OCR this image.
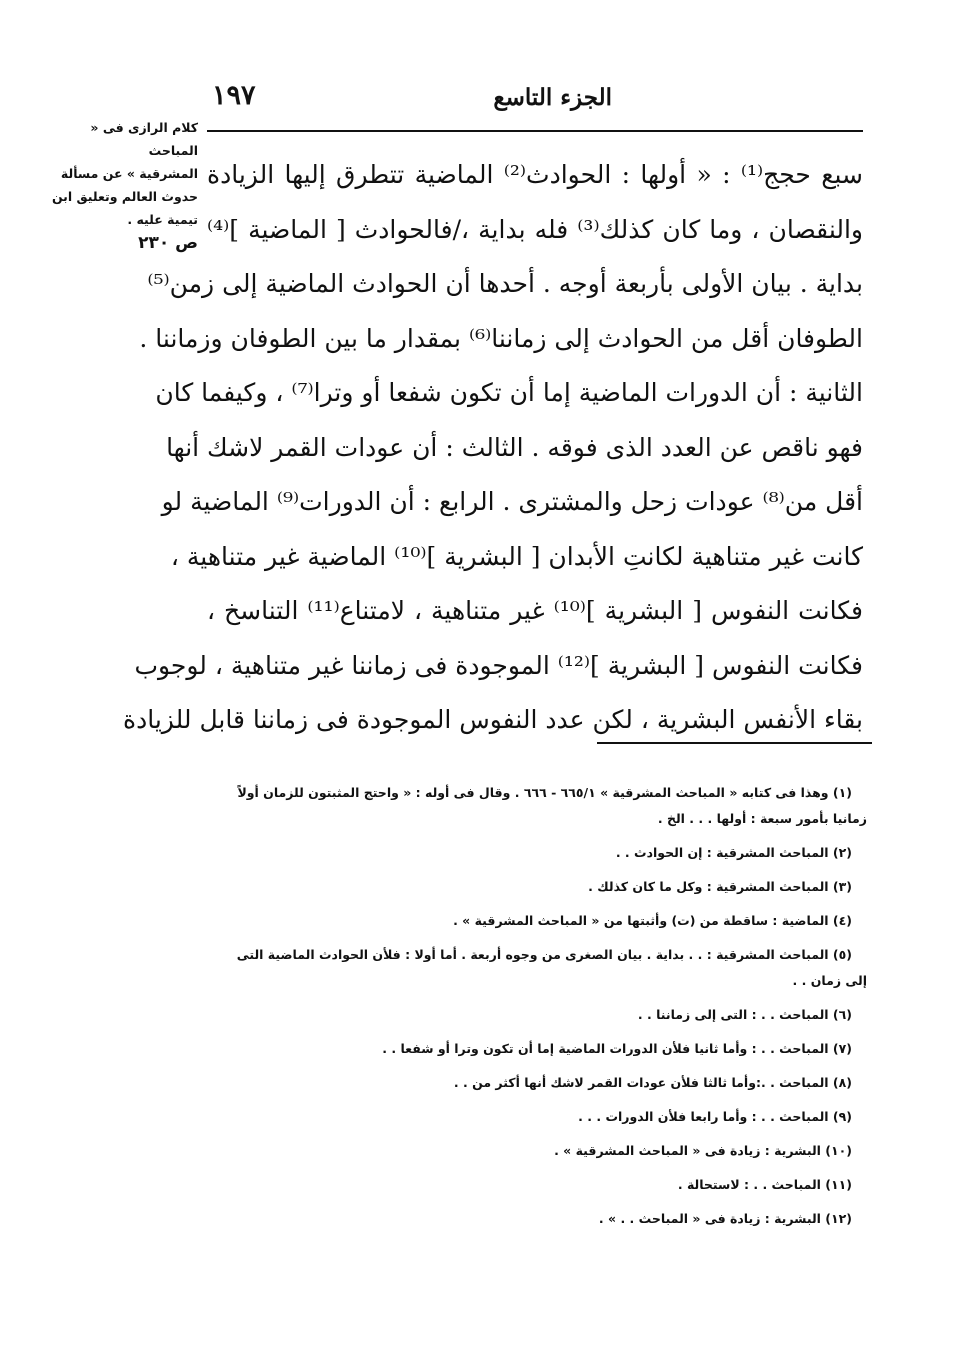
كلام الرازى فى « المباحث
المشرقية » عن مسألة
حدوث العالم وتعليق ابن
تيمية عليه .
ص ٢٣٠
الجزء التاسع
١٩٧
سبع حجج⁽¹⁾ : « أولها : الحوادث⁽²⁾ الماضية تتطرق إليها الزيادة
والنقصان ، وما كان كذلك⁽³⁾ فله بداية ،/فالحوادث [ الماضية ]⁽⁴⁾
بداية . بيان الأولى بأربعة أوجه . أحدها أن الحوادث الماضية إلى زمن⁽⁵⁾
الطوفان أقل من الحوادث إلى زماننا⁽⁶⁾ بمقدار ما بين الطوفان وزماننا .
الثانية : أن الدورات الماضية إما أن تكون شفعا أو وترا⁽⁷⁾ ، وكيفما كان
فهو ناقص عن العدد الذى فوقه . الثالث : أن عودات القمر لاشك أنها
أقل من⁽⁸⁾ عودات زحل والمشترى . الرابع : أن الدورات⁽⁹⁾ الماضية لو
كانت غير متناهية لكانتِ الأبدان [ البشرية ]⁽¹⁰⁾ الماضية غير متناهية ،
فكانت النفوس [ البشرية ]⁽¹⁰⁾ غير متناهية ، لامتناع⁽¹¹⁾ التناسخ ،
فكانت النفوس [ البشرية ]⁽¹²⁾ الموجودة فى زماننا غير متناهية ، لوجوب
بقاء الأنفس البشرية ، لكن عدد النفوس الموجودة فى زماننا قابل للزيادة
(١) وهذا فى كتابه « المباحث المشرقية » ٦٦٥/١ - ٦٦٦ . وقال فى أوله : « واحتج المثبتون للزمان أولاً
زمانيا بأمور سبعة : أولها . . . الخ .
(٢) المباحث المشرقية : إن الحوادث . .
(٣) المباحث المشرقية : وكل ما كان كذلك .
(٤) الماضية : ساقطة من (ت) وأثبتها من « المباحث المشرقية » .
(٥) المباحث المشرقية : . . بداية . بيان الصغرى من وجوه أربعة . أما أولا : فلأن الحوادث الماضية التى
إلى زمان . .
(٦) المباحث . . : التى إلى زماننا . .
(٧) المباحث . . : وأما ثانيا فلأن الدورات الماضية إما أن تكون وترا أو شفعا . .
(٨) المباحث . .:وأما ثالثا فلأن عودات القمر لاشك أنها أكثر من . .
(٩) المباحث . . : وأما رابعا فلأن الدورات . . .
(١٠) البشرية : زيادة فى « المباحث المشرقية » .
(١١) المباحث . . : لاستحالة .
(١٢) البشرية : زيادة فى « المباحث . . » .
